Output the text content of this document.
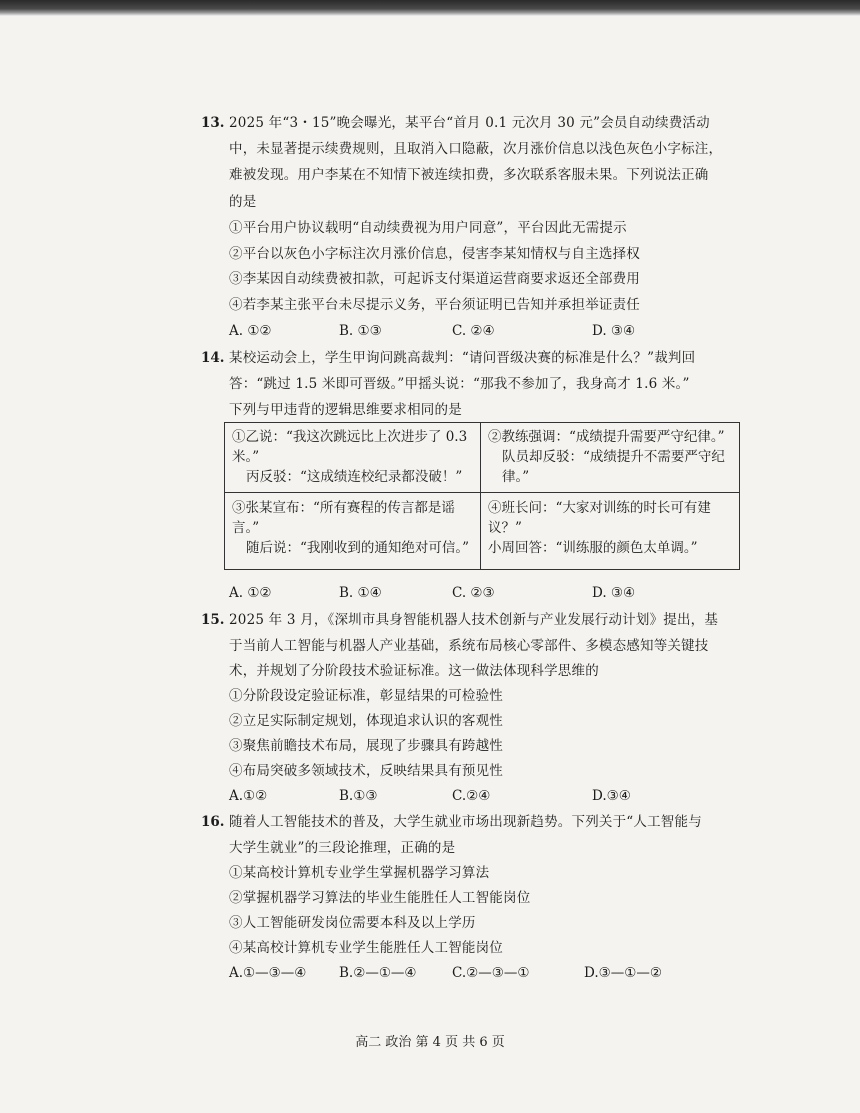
13. 2025 年“3・15”晚会曝光，某平台“首月 0.1 元次月 30 元”会员自动续费活动
中，未显著提示续费规则，且取消入口隐蔽，次月涨价信息以浅色灰色小字标注，
难被发现。用户李某在不知情下被连续扣费，多次联系客服未果。下列说法正确
的是
①平台用户协议载明“自动续费视为用户同意”，平台因此无需提示
②平台以灰色小字标注次月涨价信息，侵害李某知情权与自主选择权
③李某因自动续费被扣款，可起诉支付渠道运营商要求返还全部费用
④若李某主张平台未尽提示义务，平台须证明已告知并承担举证责任
A. ①②	B. ①③	C. ②④	D. ③④
14. 某校运动会上，学生甲询问跳高裁判：“请问晋级决赛的标准是什么？”裁判回
答：“跳过 1.5 米即可晋级。”甲摇头说：“那我不参加了，我身高才 1.6 米。”
下列与甲违背的逻辑思维要求相同的是
①乙说：“我这次跳远比上次进步了 0.3
米。”
丙反驳：“这成绩连校纪录都没破！”
②教练强调：“成绩提升需要严守纪律。”
队员却反驳：“成绩提升不需要严守纪
律。”
③张某宣布：“所有赛程的传言都是谣
言。”
随后说：“我刚收到的通知绝对可信。”
④班长问：“大家对训练的时长可有建
议？”
小周回答：“训练服的颜色太单调。”
A. ①②	B. ①④	C. ②③	D. ③④
15. 2025 年 3 月，《深圳市具身智能机器人技术创新与产业发展行动计划》提出，基
于当前人工智能与机器人产业基础，系统布局核心零部件、多模态感知等关键技
术，并规划了分阶段技术验证标准。这一做法体现科学思维的
①分阶段设定验证标准，彰显结果的可检验性
②立足实际制定规划，体现追求认识的客观性
③聚焦前瞻技术布局，展现了步骤具有跨越性
④布局突破多领域技术，反映结果具有预见性
A.①②	B.①③	C.②④	D.③④
16. 随着人工智能技术的普及，大学生就业市场出现新趋势。下列关于“人工智能与
大学生就业”的三段论推理，正确的是
①某高校计算机专业学生掌握机器学习算法
②掌握机器学习算法的毕业生能胜任人工智能岗位
③人工智能研发岗位需要本科及以上学历
④某高校计算机专业学生能胜任人工智能岗位
A.①—③—④ B.②—①—④	C.②—③—①	D.③—①—②
高二 政治 第 4 页 共 6 页
